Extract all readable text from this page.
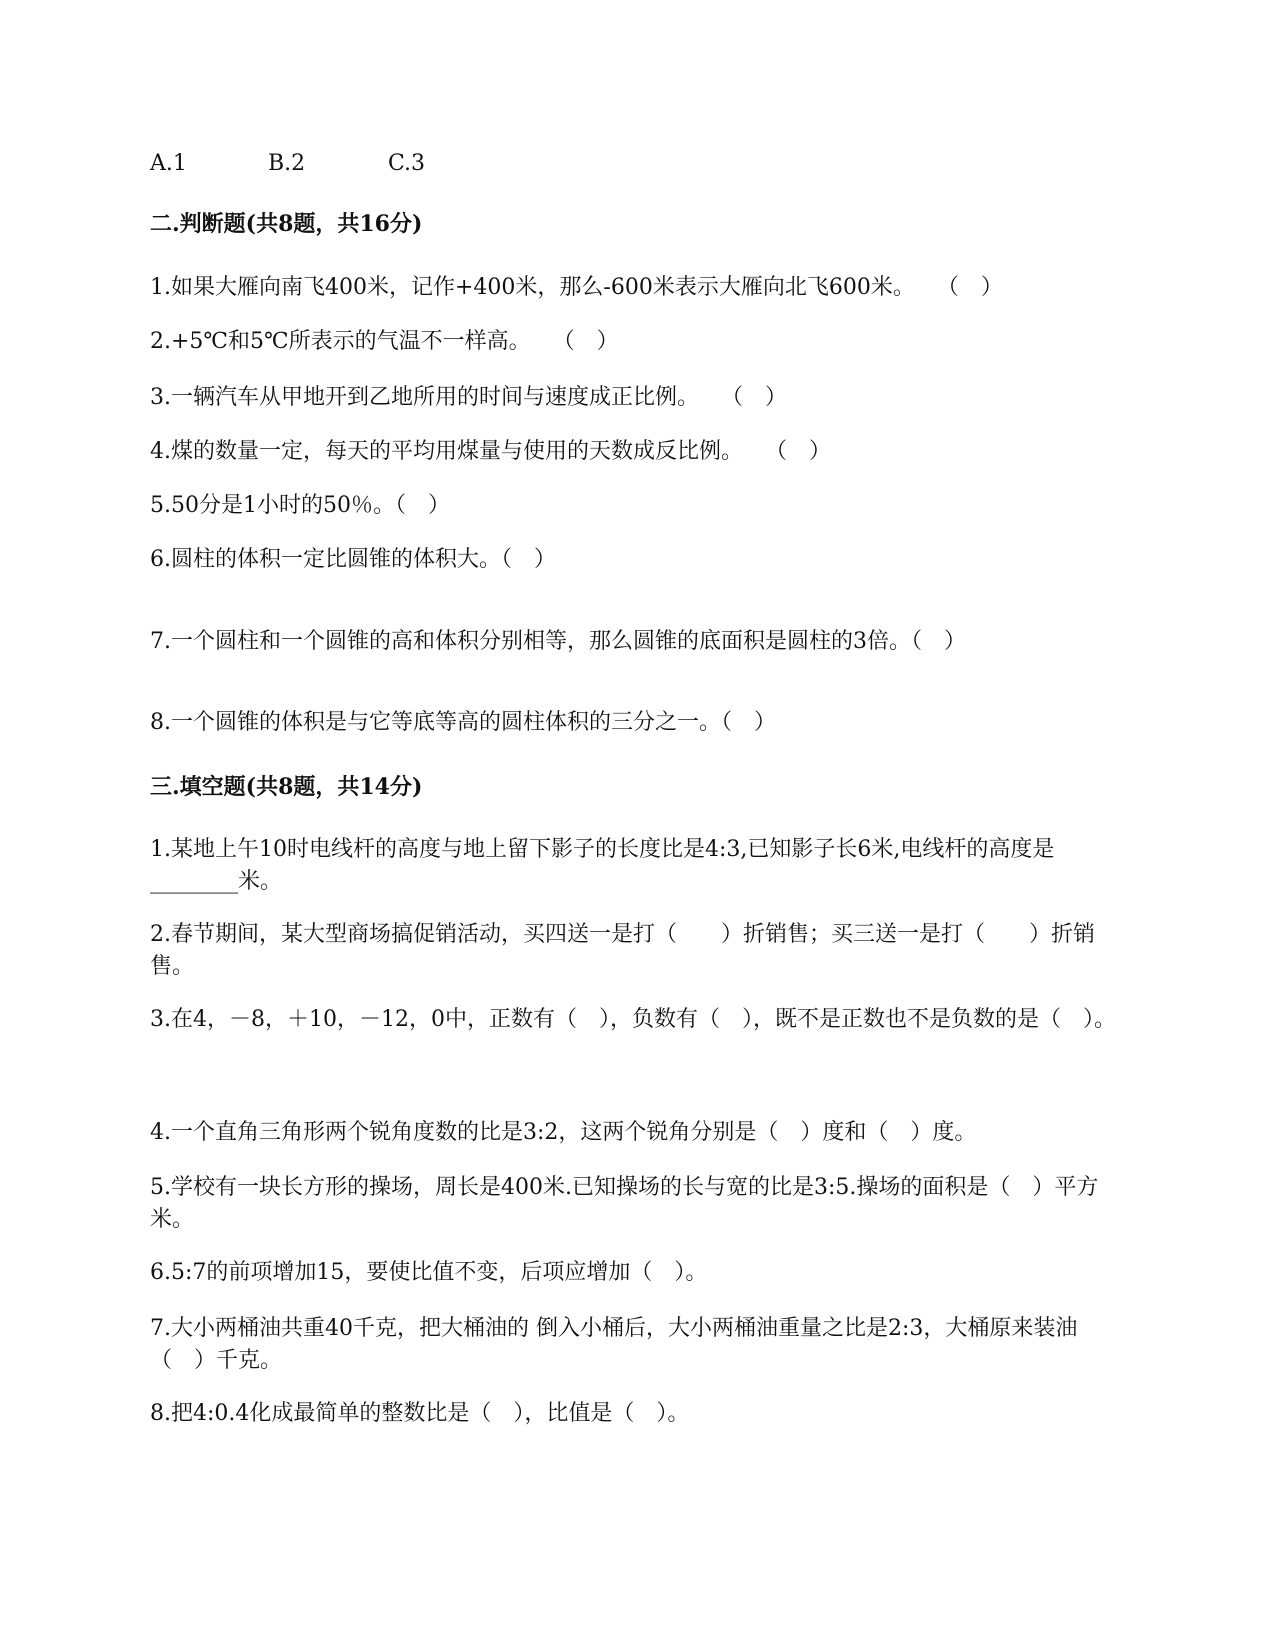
A.1	B.2	C.3
二.判断题(共8题，共16分)
1.如果大雁向南飞400米，记作+400米，那么-600米表示大雁向北飞600米。　　（　）
2.+5℃和5℃所表示的气温不一样高。　　（　）
3.一辆汽车从甲地开到乙地所用的时间与速度成正比例。　　（　）
4.煤的数量一定，每天的平均用煤量与使用的天数成反比例。　　（　）
5.50分是1小时的50％。（　）
6.圆柱的体积一定比圆锥的体积大。（　）
7.一个圆柱和一个圆锥的高和体积分别相等，那么圆锥的底面积是圆柱的3倍。（　）
8.一个圆锥的体积是与它等底等高的圆柱体积的三分之一。（　）
三.填空题(共8题，共14分)
1.某地上午10时电线杆的高度与地上留下影子的长度比是4:3,已知影子长6米,电线杆的高度是________米。
2.春节期间，某大型商场搞促销活动，买四送一是打（　　）折销售；买三送一是打（　　）折销售。
3.在4，－8，＋10，－12，0中，正数有（　），负数有（　），既不是正数也不是负数的是（　）。
4.一个直角三角形两个锐角度数的比是3:2，这两个锐角分别是（　）度和（　）度。
5.学校有一块长方形的操场，周长是400米.已知操场的长与宽的比是3:5.操场的面积是（　）平方米。
6.5:7的前项增加15，要使比值不变，后项应增加（　）。
7.大小两桶油共重40千克，把大桶油的 倒入小桶后，大小两桶油重量之比是2:3，大桶原来装油（　）千克。
8.把4:0.4化成最简单的整数比是（　），比值是（　）。
